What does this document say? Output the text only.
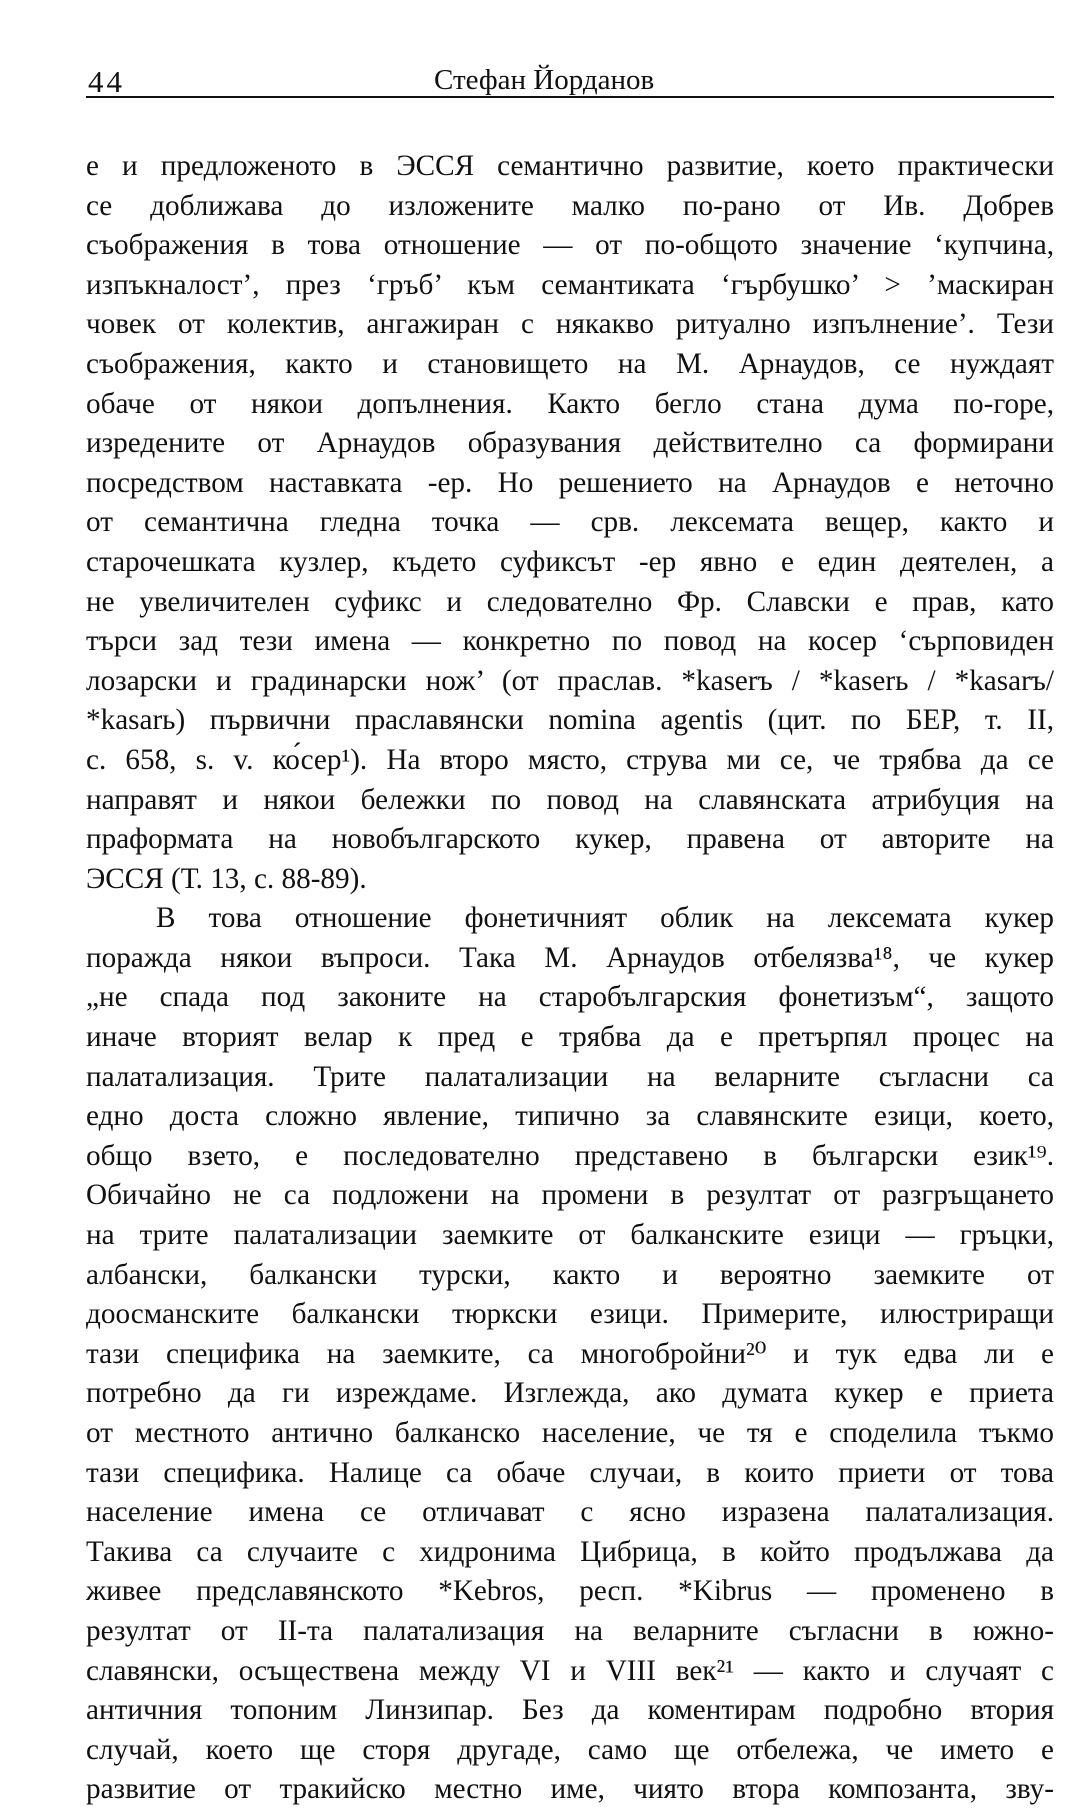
44	Стефан Йорданов
е и предложеното в ЭССЯ семантично развитие, което практически
се доближава до изложените малко по-рано от Ив. Добрев
съображения в това отношение — от по-общото значение ‘купчина,
изпъкналост’, през ‘гръб’ към семантиката ‘гърбушко’ > ’маскиран
човек от колектив, ангажиран с някакво ритуално изпълнение’. Тези
съображения, както и становището на М. Арнаудов, се нуждаят
обаче от някои допълнения. Както бегло стана дума по-горе,
изредените от Арнаудов образувания действително са формирани
посредством наставката -ер. Но решението на Арнаудов е неточно
от семантична гледна точка — срв. лексемата вещер, както и
старочешката кузлер, където суфиксът -ер явно е един деятелен, а
не увеличителен суфикс и следователно Фр. Славски е прав, като
търси зад тези имена — конкретно по повод на косер ‘сърповиден
лозарски и градинарски нож’ (от праслав. *kaserъ / *kaserь / *kasarъ/
*kasarь) първични праславянски nomina agentis (цит. по БЕР, т. II,
с. 658, s. v. ко́сер¹). На второ място, струва ми се, че трябва да се
направят и някои бележки по повод на славянската атрибуция на
праформата на новобългарското кукер, правена от авторите на
ЭССЯ (Т. 13, с. 88-89).
В това отношение фонетичният облик на лексемата кукер
поражда някои въпроси. Така М. Арнаудов отбелязва¹⁸, че кукер
„не спада под законите на старобългарския фонетизъм“, защото
иначе вторият велар к пред е трябва да е претърпял процес на
палатализация. Трите палатализации на веларните съгласни са
едно доста сложно явление, типично за славянските езици, което,
общо взето, е последователно представено в български език¹⁹.
Обичайно не са подложени на промени в резултат от разгръщането
на трите палатализации заемките от балканските езици — гръцки,
албански, балкански турски, както и вероятно заемките от
доосманските балкански тюркски езици. Примерите, илюстриращи
тази специфика на заемките, са многобройни²⁰ и тук едва ли е
потребно да ги изреждаме. Изглежда, ако думата кукер е приета
от местното антично балканско население, че тя е споделила тъкмо
тази специфика. Налице са обаче случаи, в които приети от това
население имена се отличават с ясно изразена палатализация.
Такива са случаите с хидронима Цибрица, в който продължава да
живее предславянското *Kebros, респ. *Kibrus — променено в
резултат от II-та палатализация на веларните съгласни в южно-
славянски, осъществена между VI и VIII век²¹ — както и случаят с
античния топоним Линзипар. Без да коментирам подробно втория
случай, което ще сторя другаде, само ще отбележа, че името е
развитие от тракийско местно име, чиято втора композанта, зву-
